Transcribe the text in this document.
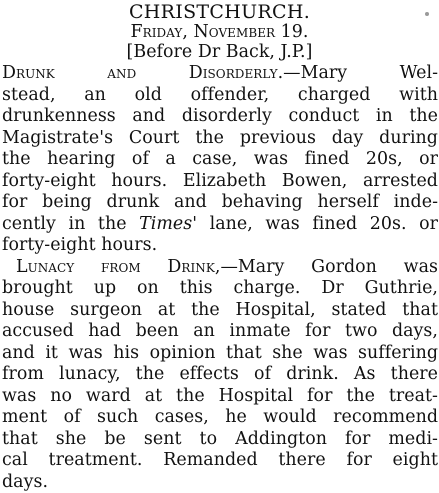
CHRISTCHURCH.
Friday, November 19.
[Before Dr Back, J.P.]
Drunk and Disorderly.—Mary Wel-
stead, an old offender, charged with
drunkenness and disorderly conduct in the
Magistrate's Court the previous day during
the hearing of a case, was fined 20s, or
forty-eight hours. Elizabeth Bowen, arrested
for being drunk and behaving herself inde-
cently in the Times' lane, was fined 20s. or
forty-eight hours.
Lunacy from Drink,—Mary Gordon was
brought up on this charge. Dr Guthrie,
house surgeon at the Hospital, stated that
accused had been an inmate for two days,
and it was his opinion that she was suffering
from lunacy, the effects of drink. As there
was no ward at the Hospital for the treat-
ment of such cases, he would recommend
that she be sent to Addington for medi-
cal treatment. Remanded there for eight
days.
